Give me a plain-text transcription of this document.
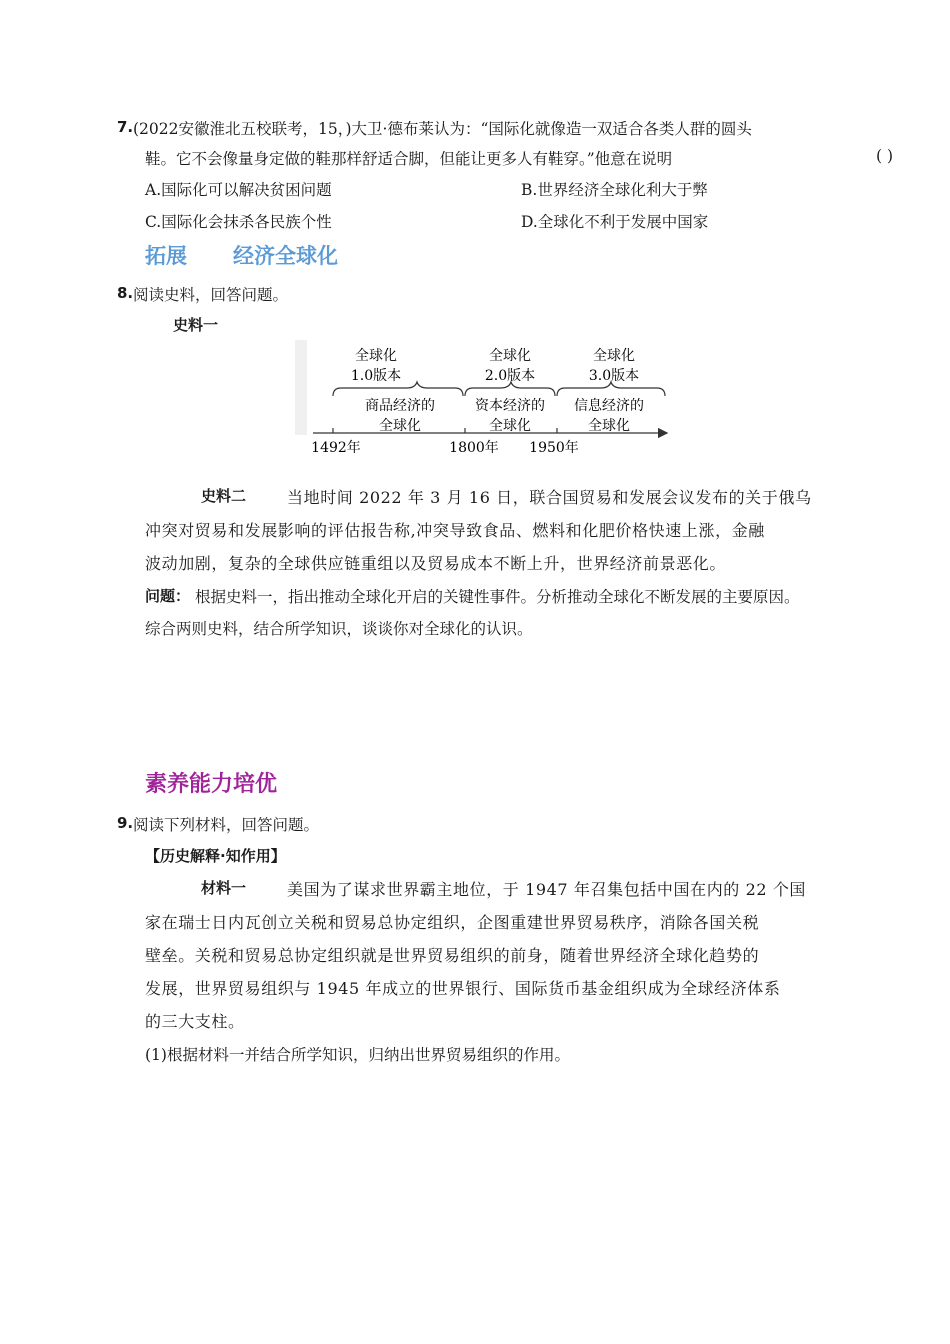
7. (2022安徽淮北五校联考，15，)大卫·德布莱认为：“国际化就像造一双适合各类人群的圆头
鞋。它不会像量身定做的鞋那样舒适合脚，但能让更多人有鞋穿。”他意在说明	( )
A.国际化可以解决贫困问题	B.世界经济全球化利大于弊
C.国际化会抹杀各民族个性	D.全球化不利于发展中国家
拓展 经济全球化
8. 阅读史料，回答问题。
史料一
全球化
1.0版本
全球化
2.0版本
全球化
3.0版本
商品经济的
全球化
资本经济的
全球化
信息经济的
全球化
1492年	1800年 1950年
史料二	当地时间 2022 年 3 月 16 日，联合国贸易和发展会议发布的关于俄乌
冲突对贸易和发展影响的评估报告称,冲突导致食品、燃料和化肥价格快速上涨，金融
波动加剧，复杂的全球供应链重组以及贸易成本不断上升，世界经济前景恶化。
问题： 根据史料一，指出推动全球化开启的关键性事件。分析推动全球化不断发展的主要原因。
综合两则史料，结合所学知识，谈谈你对全球化的认识。
素养能力培优
9. 阅读下列材料，回答问题。
【历史解释·知作用】
材料一	美国为了谋求世界霸主地位，于 1947 年召集包括中国在内的 22 个国
家在瑞士日内瓦创立关税和贸易总协定组织，企图重建世界贸易秩序，消除各国关税
壁垒。关税和贸易总协定组织就是世界贸易组织的前身，随着世界经济全球化趋势的
发展，世界贸易组织与 1945 年成立的世界银行、国际货币基金组织成为全球经济体系
的三大支柱。
(1)根据材料一并结合所学知识，归纳出世界贸易组织的作用。
